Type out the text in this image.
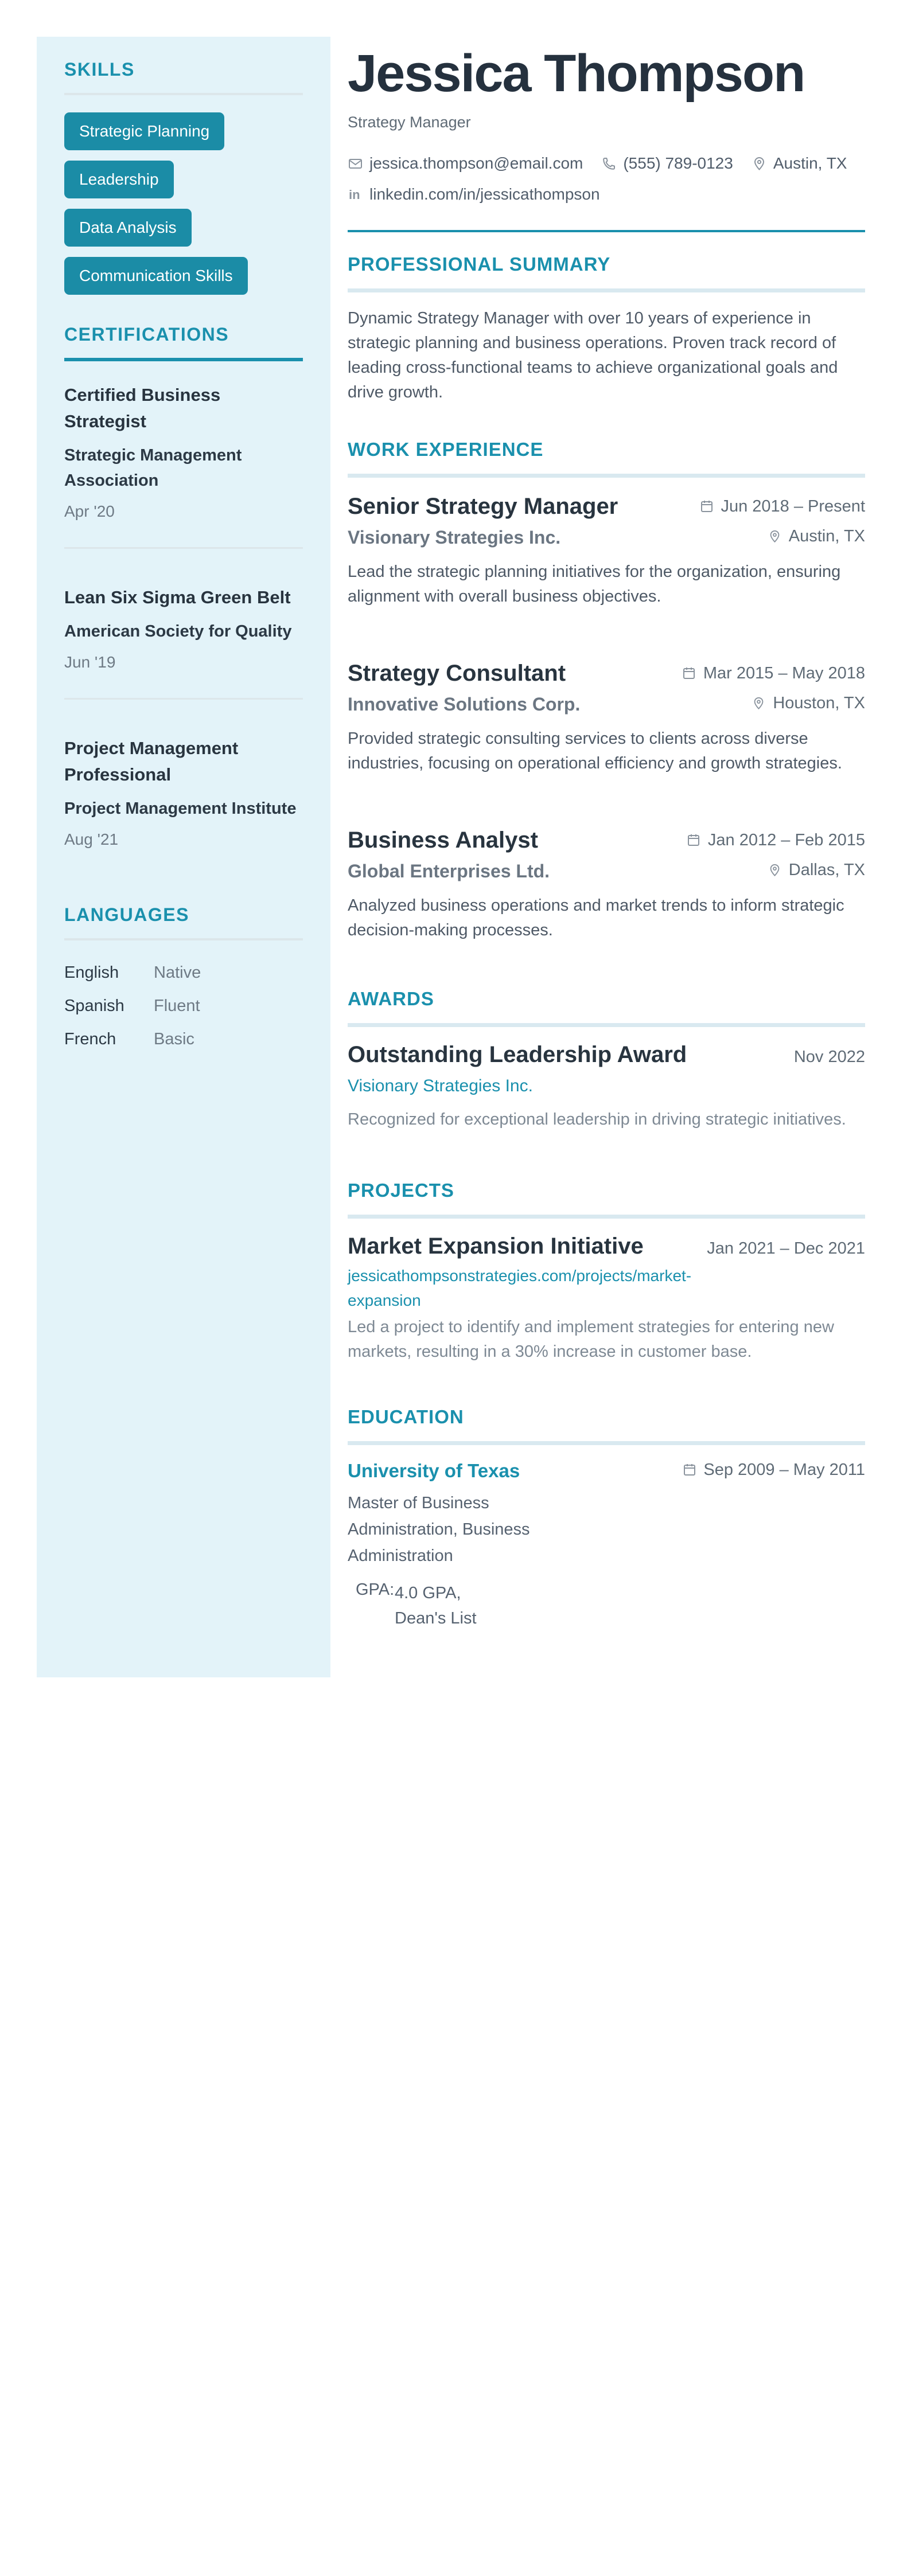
SKILLS
Strategic Planning
Leadership
Data Analysis
Communication Skills
CERTIFICATIONS
Certified Business Strategist
Strategic Management Association
Apr '20
Lean Six Sigma Green Belt
American Society for Quality
Jun '19
Project Management Professional
Project Management Institute
Aug '21
LANGUAGES
English	Native
Spanish	Fluent
French	Basic
Jessica Thompson
Strategy Manager
jessica.thompson@email.com	(555) 789-0123	Austin, TX
in linkedin.com/in/jessicathompson
PROFESSIONAL SUMMARY

Dynamic Strategy Manager with over 10 years of experience in strategic planning and business operations. Proven track record of leading cross-functional teams to achieve organizational goals and drive growth.

WORK EXPERIENCE
Senior Strategy Manager	Jun 2018 – Present
Visionary Strategies Inc.	Austin, TX

Lead the strategic planning initiatives for the organization, ensuring alignment with overall business objectives.

Strategy Consultant	Mar 2015 – May 2018
Innovative Solutions Corp.	Houston, TX

Provided strategic consulting services to clients across diverse industries, focusing on operational efficiency and growth strategies.

Business Analyst	Jan 2012 – Feb 2015
Global Enterprises Ltd.	Dallas, TX

Analyzed business operations and market trends to inform strategic decision-making processes.

AWARDS
Outstanding Leadership Award	Nov 2022
Visionary Strategies Inc.

Recognized for exceptional leadership in driving strategic initiatives.

PROJECTS
Market Expansion Initiative	Jan 2021 – Dec 2021
jessicathompsonstrategies.com/projects/market-expansion

Led a project to identify and implement strategies for entering new markets, resulting in a 30% increase in customer base.

EDUCATION
University of Texas	Sep 2009 – May 2011
Master of Business Administration, Business Administration
GPA: 4.0 GPA,
Dean's List
